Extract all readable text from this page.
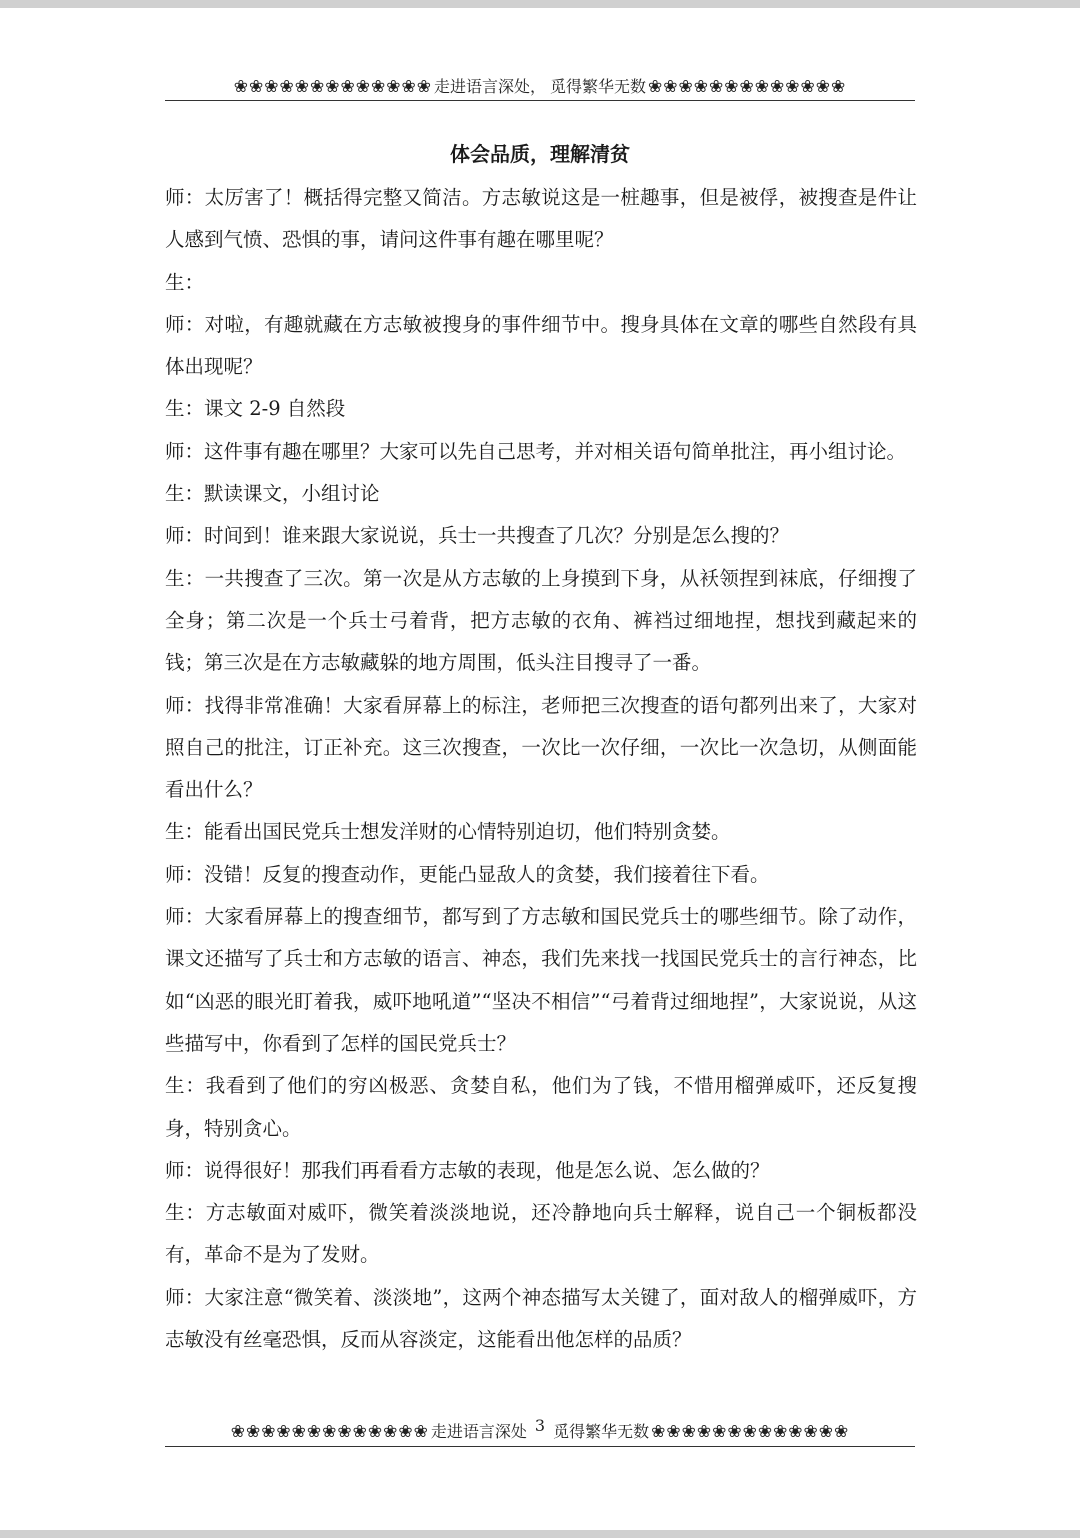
❀❀❀❀❀❀❀❀❀❀❀❀❀ 走进语言深处， 觅得繁华无数 ❀❀❀❀❀❀❀❀❀❀❀❀❀
体会品质，理解清贫

师：太厉害了！概括得完整又简洁。方志敏说这是一桩趣事，但是被俘，被搜查是件让人感到气愤、恐惧的事，请问这件事有趣在哪里呢？

生：

师：对啦，有趣就藏在方志敏被搜身的事件细节中。搜身具体在文章的哪些自然段有具体出现呢？

生：课文 2-9 自然段

师：这件事有趣在哪里？大家可以先自己思考，并对相关语句简单批注，再小组讨论。

生：默读课文，小组讨论

师：时间到！谁来跟大家说说，兵士一共搜查了几次？分别是怎么搜的？

生：一共搜查了三次。第一次是从方志敏的上身摸到下身，从袄领捏到袜底，仔细搜了全身；第二次是一个兵士弓着背，把方志敏的衣角、裤裆过细地捏，想找到藏起来的钱；第三次是在方志敏藏躲的地方周围，低头注目搜寻了一番。

师：找得非常准确！大家看屏幕上的标注，老师把三次搜查的语句都列出来了，大家对照自己的批注，订正补充。这三次搜查，一次比一次仔细，一次比一次急切，从侧面能看出什么？

生：能看出国民党兵士想发洋财的心情特别迫切，他们特别贪婪。

师：没错！反复的搜查动作，更能凸显敌人的贪婪，我们接着往下看。

师：大家看屏幕上的搜查细节，都写到了方志敏和国民党兵士的哪些细节。除了动作，课文还描写了兵士和方志敏的语言、神态，我们先来找一找国民党兵士的言行神态，比如“凶恶的眼光盯着我，威吓地吼道”“坚决不相信”“弓着背过细地捏”，大家说说，从这些描写中，你看到了怎样的国民党兵士？

生：我看到了他们的穷凶极恶、贪婪自私，他们为了钱，不惜用榴弹威吓，还反复搜身，特别贪心。

师：说得很好！那我们再看看方志敏的表现，他是怎么说、怎么做的？

生：方志敏面对威吓，微笑着淡淡地说，还冷静地向兵士解释，说自己一个铜板都没有，革命不是为了发财。

师：大家注意“微笑着、淡淡地”，这两个神态描写太关键了，面对敌人的榴弹威吓，方志敏没有丝毫恐惧，反而从容淡定，这能看出他怎样的品质？

❀❀❀❀❀❀❀❀❀❀❀❀❀ 走进语言深处 3 觅得繁华无数 ❀❀❀❀❀❀❀❀❀❀❀❀❀
